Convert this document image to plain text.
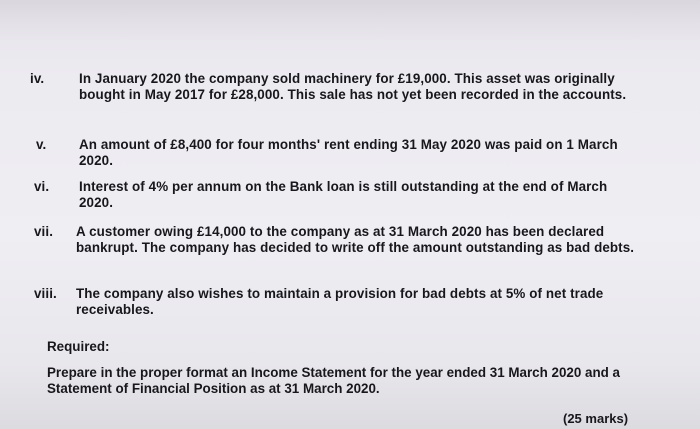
iv.	In January 2020 the company sold machinery for £19,000. This asset was originally bought in May 2017 for £28,000. This sale has not yet been recorded in the accounts.
v. An amount of £8,400 for four months' rent ending 31 May 2020 was paid on 1 March 2020.
vi. Interest of 4% per annum on the Bank loan is still outstanding at the end of March 2020.
vii. A customer owing £14,000 to the company as at 31 March 2020 has been declared bankrupt. The company has decided to write off the amount outstanding as bad debts.
viii. The company also wishes to maintain a provision for bad debts at 5% of net trade receivables.
Required:
Prepare in the proper format an Income Statement for the year ended 31 March 2020 and a Statement of Financial Position as at 31 March 2020.
(25 marks)
